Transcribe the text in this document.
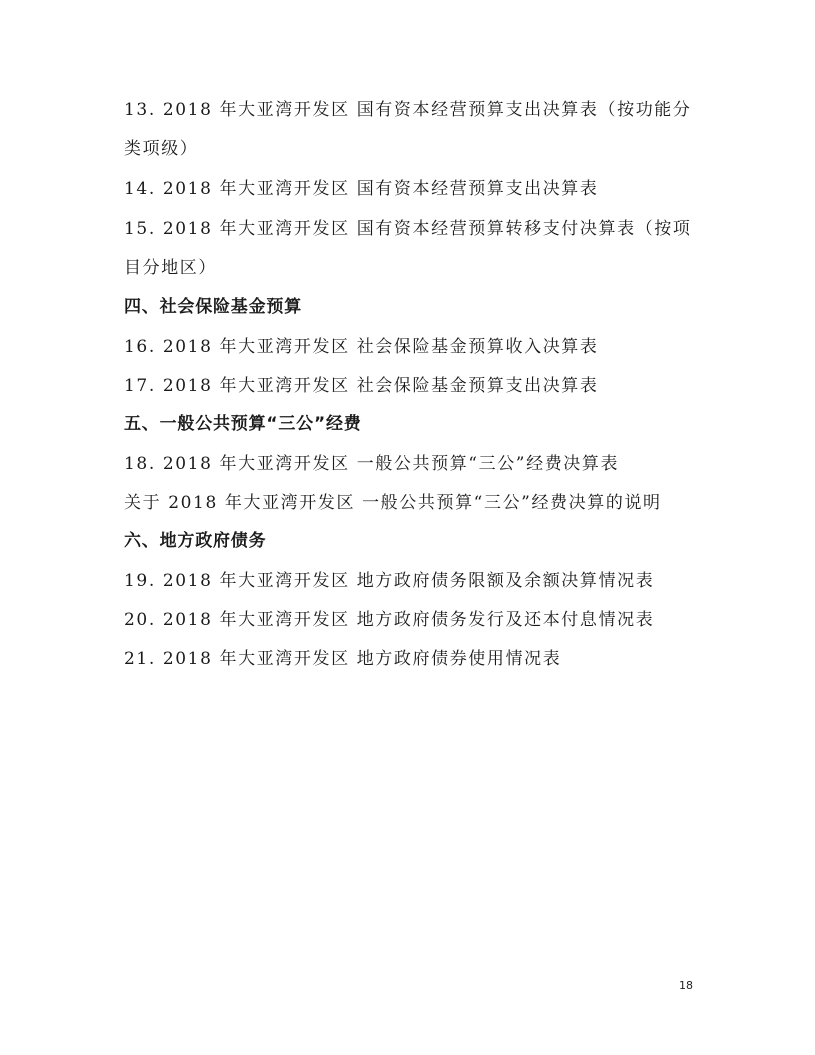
13. 2018 年大亚湾开发区 国有资本经营预算支出决算表（按功能分
类项级）
14. 2018 年大亚湾开发区 国有资本经营预算支出决算表
15. 2018 年大亚湾开发区 国有资本经营预算转移支付决算表（按项
目分地区）
四、社会保险基金预算
16. 2018 年大亚湾开发区 社会保险基金预算收入决算表
17. 2018 年大亚湾开发区 社会保险基金预算支出决算表
五、一般公共预算“三公”经费
18. 2018 年大亚湾开发区 一般公共预算“三公”经费决算表
关于 2018 年大亚湾开发区 一般公共预算“三公”经费决算的说明
六、地方政府债务
19. 2018 年大亚湾开发区 地方政府债务限额及余额决算情况表
20. 2018 年大亚湾开发区 地方政府债务发行及还本付息情况表
21. 2018 年大亚湾开发区 地方政府债券使用情况表
18
